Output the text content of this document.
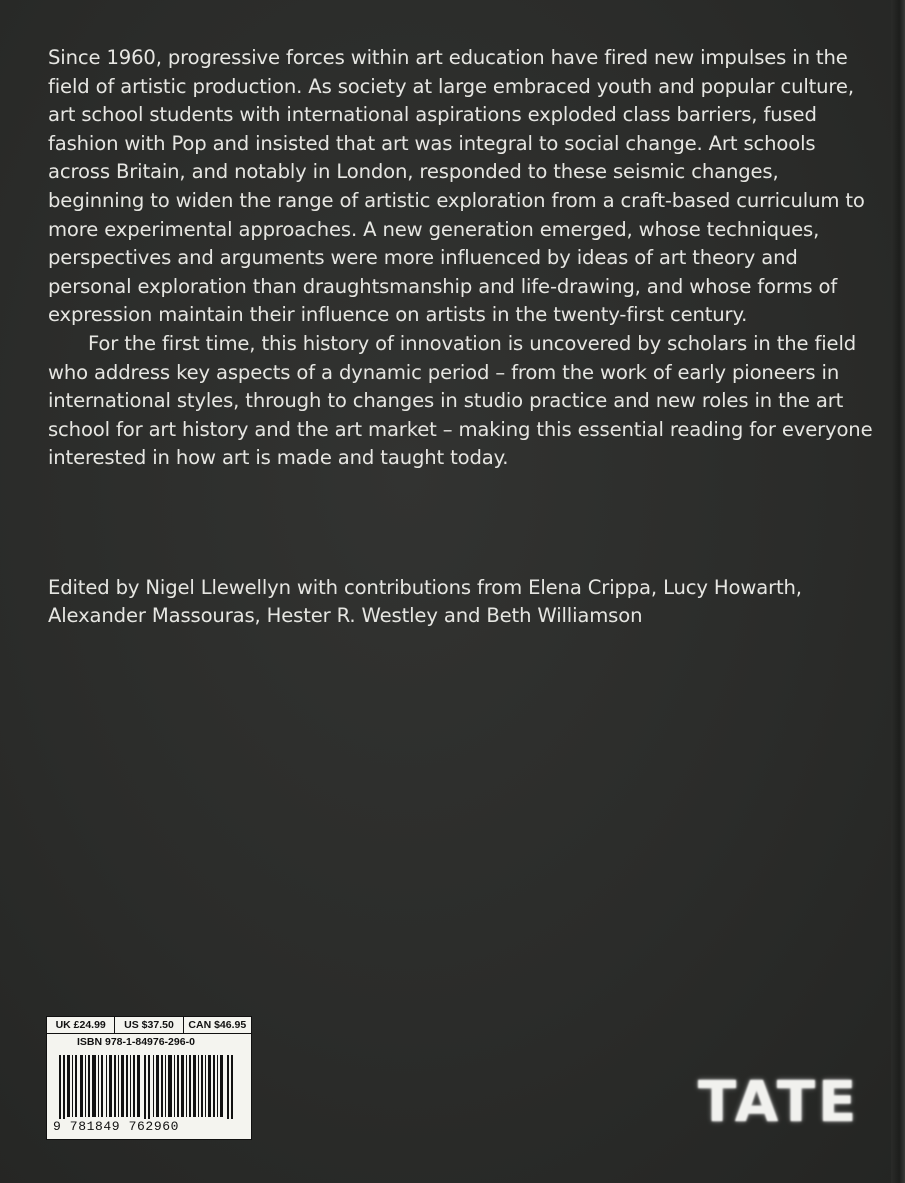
Since 1960, progressive forces within art education have fired new impulses in the field of artistic production. As society at large embraced youth and popular culture, art school students with international aspirations exploded class barriers, fused fashion with Pop and insisted that art was integral to social change. Art schools across Britain, and notably in London, responded to these seismic changes, beginning to widen the range of artistic exploration from a craft-based curriculum to more experimental approaches. A new generation emerged, whose techniques, perspectives and arguments were more influenced by ideas of art theory and personal exploration than draughtsmanship and life-drawing, and whose forms of expression maintain their influence on artists in the twenty-first century.

For the first time, this history of innovation is uncovered by scholars in the field who address key aspects of a dynamic period – from the work of early pioneers in international styles, through to changes in studio practice and new roles in the art school for art history and the art market – making this essential reading for everyone interested in how art is made and taught today.

Edited by Nigel Llewellyn with contributions from Elena Crippa, Lucy Howarth, Alexander Massouras, Hester R. Westley and Beth Williamson

UK £24.99	US $37.50	CAN $46.95
ISBN 978-1-84976-296-0
9 781849 762960	TATE
